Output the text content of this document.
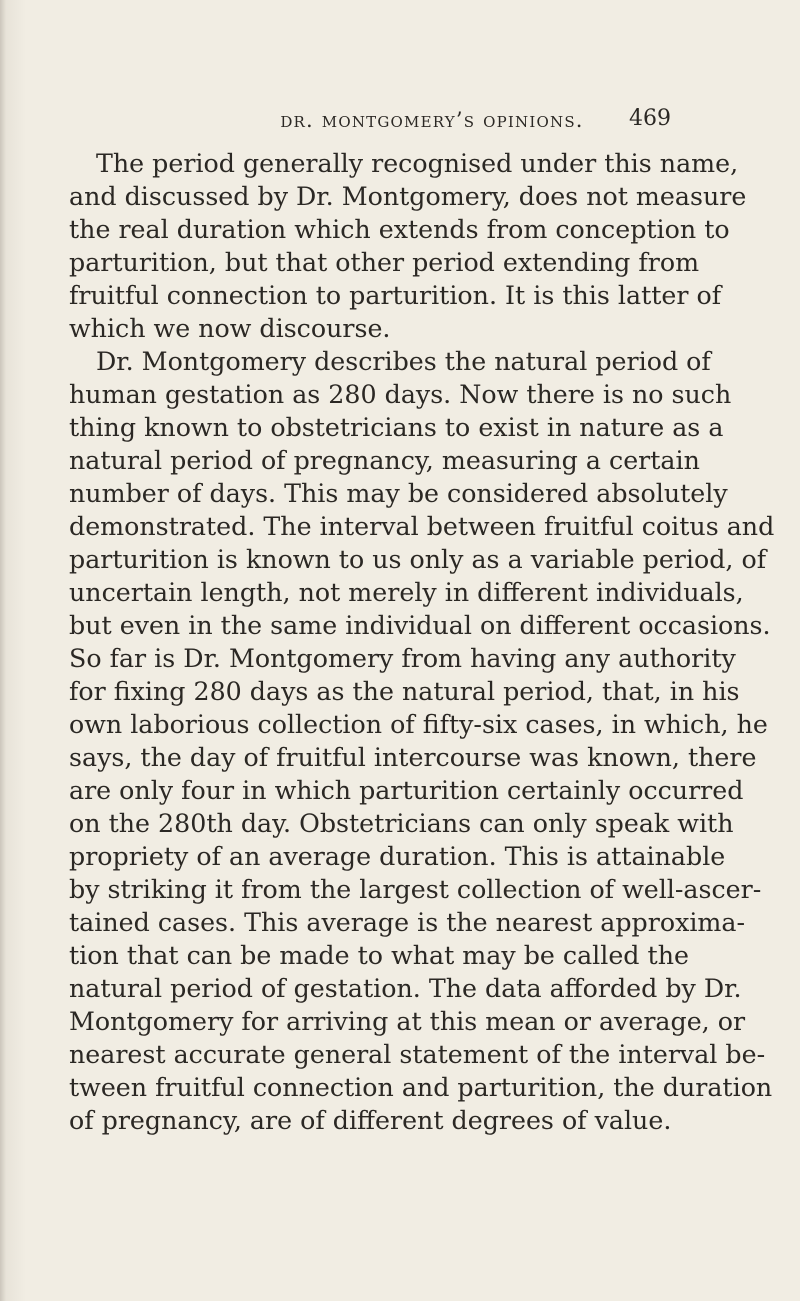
dr. montgomery’s opinions. 469
The period generally recognised under this name,
and discussed by Dr. Montgomery, does not measure
the real duration which extends from conception to
parturition, but that other period extending from
fruitful connection to parturition. It is this latter of
which we now discourse.
Dr. Montgomery describes the natural period of
human gestation as 280 days. Now there is no such
thing known to obstetricians to exist in nature as a
natural period of pregnancy, measuring a certain
number of days. This may be considered absolutely
demonstrated. The interval between fruitful coitus and
parturition is known to us only as a variable period, of
uncertain length, not merely in different individuals,
but even in the same individual on different occasions.
So far is Dr. Montgomery from having any authority
for fixing 280 days as the natural period, that, in his
own laborious collection of fifty-six cases, in which, he
says, the day of fruitful intercourse was known, there
are only four in which parturition certainly occurred
on the 280th day. Obstetricians can only speak with
propriety of an average duration. This is attainable
by striking it from the largest collection of well-ascer-
tained cases. This average is the nearest approxima-
tion that can be made to what may be called the
natural period of gestation. The data afforded by Dr.
Montgomery for arriving at this mean or average, or
nearest accurate general statement of the interval be-
tween fruitful connection and parturition, the duration
of pregnancy, are of different degrees of value.
